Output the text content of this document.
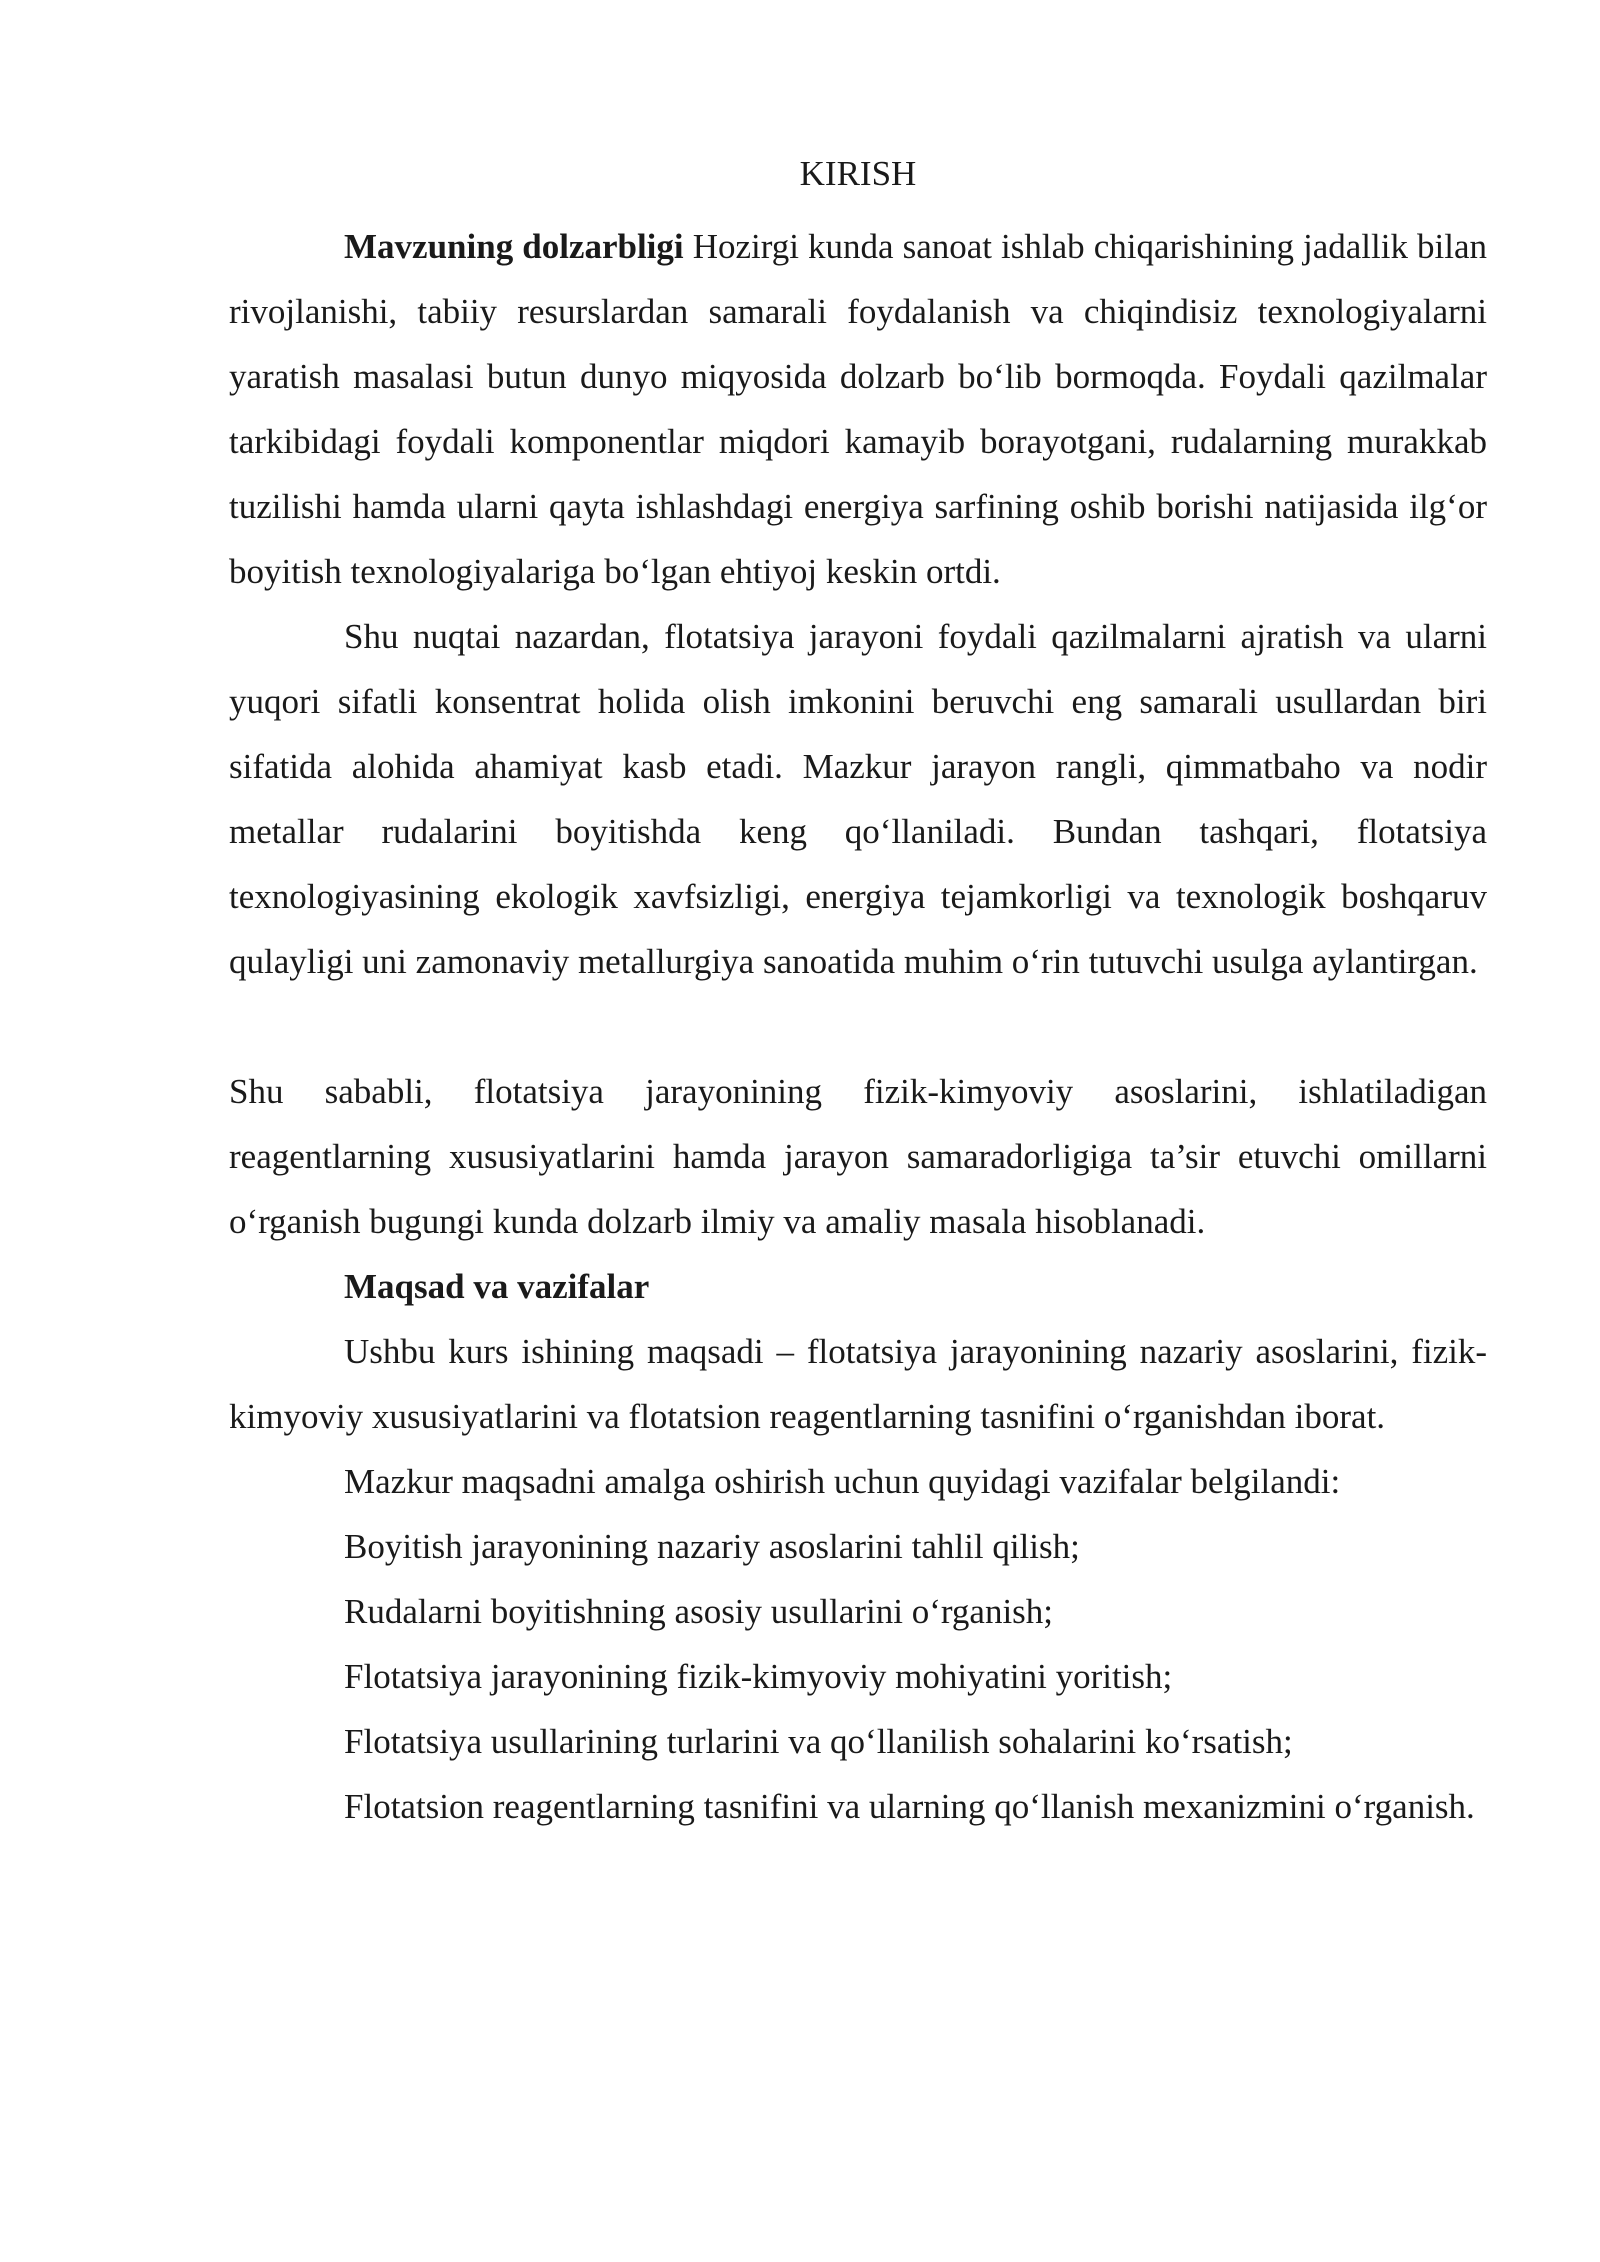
KIRISH

Mavzuning dolzarbligi Hozirgi kunda sanoat ishlab chiqarishining jadallik bilan rivojlanishi, tabiiy resurslardan samarali foydalanish va chiqindisiz texnologiyalarni yaratish masalasi butun dunyo miqyosida dolzarb bo‘lib bormoqda. Foydali qazilmalar tarkibidagi foydali komponentlar miqdori kamayib borayotgani, rudalarning murakkab tuzilishi hamda ularni qayta ishlashdagi energiya sarfining oshib borishi natijasida ilg‘or boyitish texnologiyalariga bo‘lgan ehtiyoj keskin ortdi.

Shu nuqtai nazardan, flotatsiya jarayoni foydali qazilmalarni ajratish va ularni yuqori sifatli konsentrat holida olish imkonini beruvchi eng samarali usullardan biri sifatida alohida ahamiyat kasb etadi. Mazkur jarayon rangli, qimmatbaho va nodir metallar rudalarini boyitishda keng qo‘llaniladi. Bundan tashqari, flotatsiya texnologiyasining ekologik xavfsizligi, energiya tejamkorligi va texnologik boshqaruv qulayligi uni zamonaviy metallurgiya sanoatida muhim o‘rin tutuvchi usulga aylantirgan.

Shu sababli, flotatsiya jarayonining fizik-kimyoviy asoslarini, ishlatiladigan reagentlarning xususiyatlarini hamda jarayon samaradorligiga ta’sir etuvchi omillarni o‘rganish bugungi kunda dolzarb ilmiy va amaliy masala hisoblanadi.

Maqsad va vazifalar

Ushbu kurs ishining maqsadi – flotatsiya jarayonining nazariy asoslarini, fizik-kimyoviy xususiyatlarini va flotatsion reagentlarning tasnifini o‘rganishdan iborat.

Mazkur maqsadni amalga oshirish uchun quyidagi vazifalar belgilandi:

Boyitish jarayonining nazariy asoslarini tahlil qilish;

Rudalarni boyitishning asosiy usullarini o‘rganish;

Flotatsiya jarayonining fizik-kimyoviy mohiyatini yoritish;

Flotatsiya usullarining turlarini va qo‘llanilish sohalarini ko‘rsatish;

Flotatsion reagentlarning tasnifini va ularning qo‘llanish mexanizmini o‘rganish.
